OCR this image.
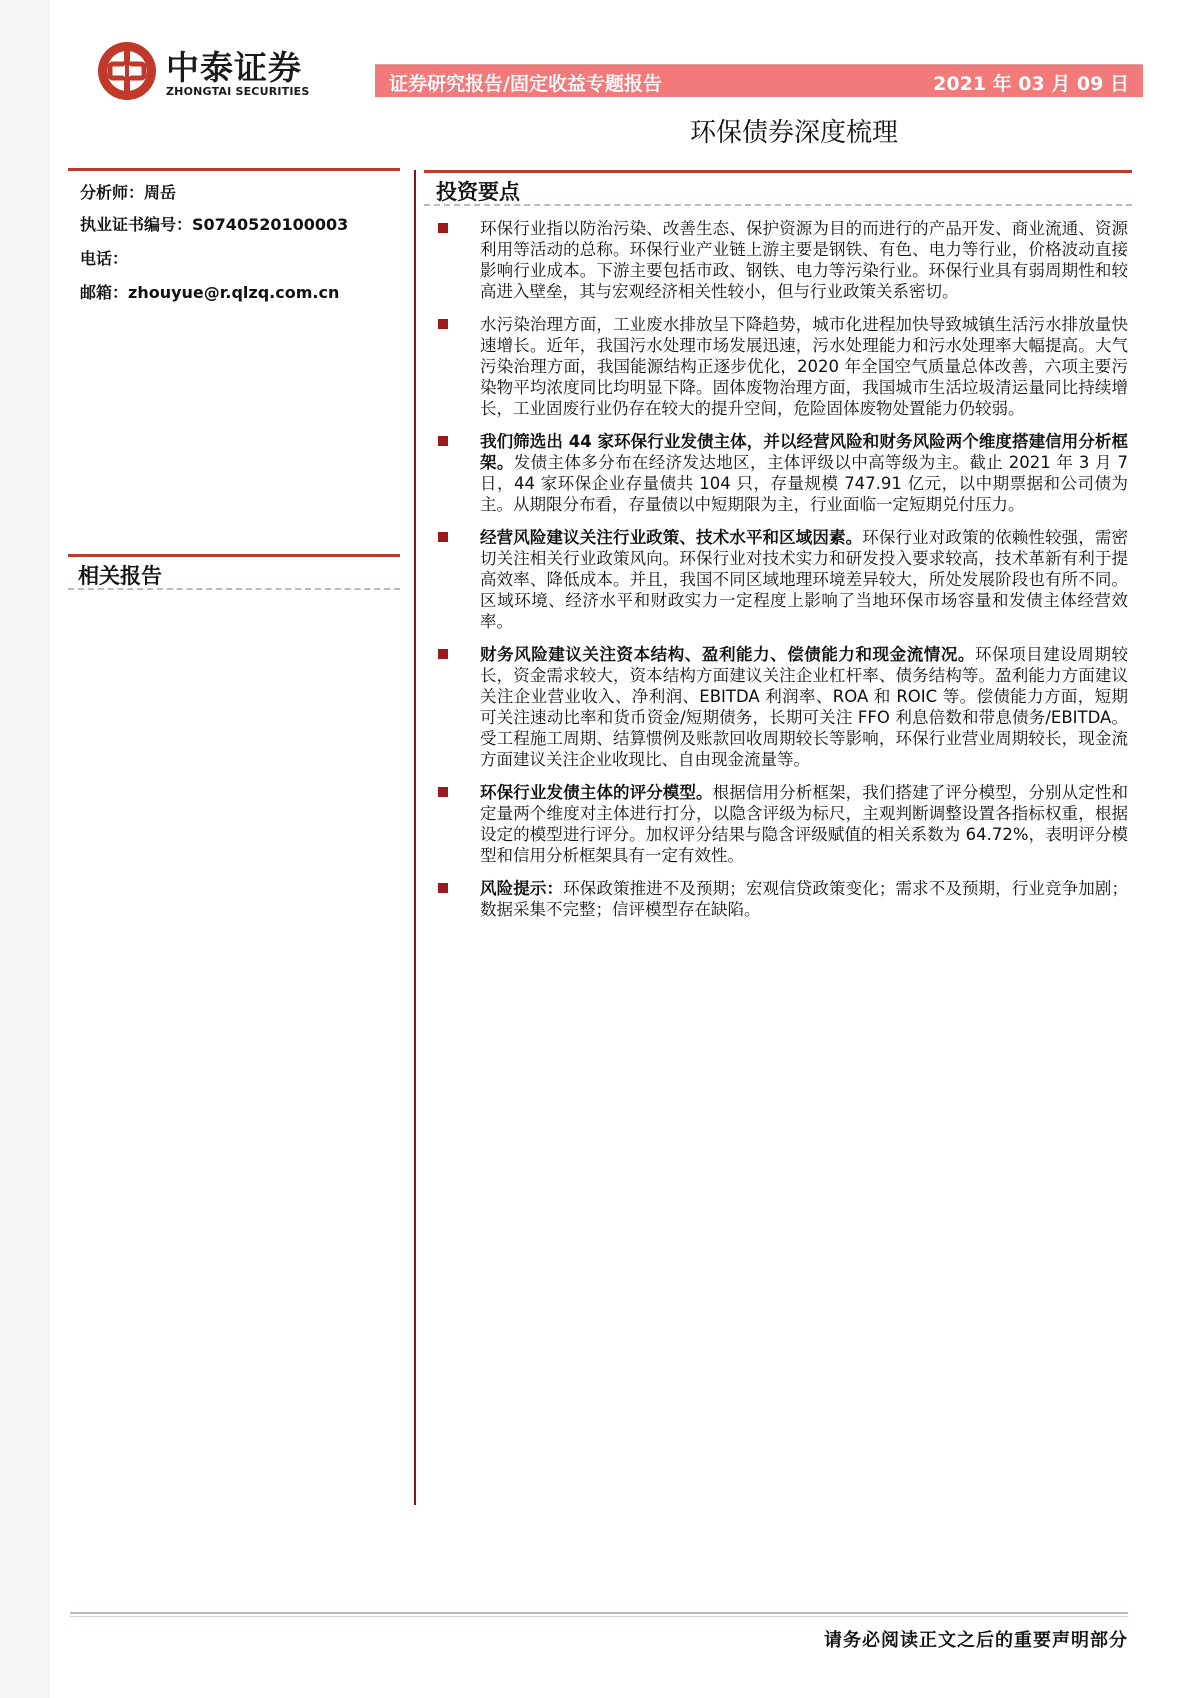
中泰证券
ZHONGTAI SECURITIES	证券研究报告/固定收益专题报告	2021 年 03 月 09 日
环保债券深度梳理
分析师：周岳
执业证书编号：S0740520100003
电话：
邮箱：zhouyue@r.qlzq.com.cn
相关报告
投资要点
环保行业指以防治污染、改善生态、保护资源为目的而进行的产品开发、商业流通、资源利用等活动的总称。环保行业产业链上游主要是钢铁、有色、电力等行业，价格波动直接影响行业成本。下游主要包括市政、钢铁、电力等污染行业。环保行业具有弱周期性和较高进入壁垒，其与宏观经济相关性较小，但与行业政策关系密切。
水污染治理方面，工业废水排放呈下降趋势，城市化进程加快导致城镇生活污水排放量快速增长。近年，我国污水处理市场发展迅速，污水处理能力和污水处理率大幅提高。大气污染治理方面，我国能源结构正逐步优化，2020 年全国空气质量总体改善，六项主要污染物平均浓度同比均明显下降。固体废物治理方面，我国城市生活垃圾清运量同比持续增长，工业固废行业仍存在较大的提升空间，危险固体废物处置能力仍较弱。
我们筛选出 44 家环保行业发债主体，并以经营风险和财务风险两个维度搭建信用分析框架。发债主体多分布在经济发达地区，主体评级以中高等级为主。截止 2021 年 3 月 7 日，44 家环保企业存量债共 104 只，存量规模 747.91 亿元，以中期票据和公司债为主。从期限分布看，存量债以中短期限为主，行业面临一定短期兑付压力。
经营风险建议关注行业政策、技术水平和区域因素。环保行业对政策的依赖性较强，需密切关注相关行业政策风向。环保行业对技术实力和研发投入要求较高，技术革新有利于提高效率、降低成本。并且，我国不同区域地理环境差异较大，所处发展阶段也有所不同。区域环境、经济水平和财政实力一定程度上影响了当地环保市场容量和发债主体经营效率。
财务风险建议关注资本结构、盈利能力、偿债能力和现金流情况。环保项目建设周期较长，资金需求较大，资本结构方面建议关注企业杠杆率、债务结构等。盈利能力方面建议关注企业营业收入、净利润、EBITDA 利润率、ROA 和 ROIC 等。偿债能力方面，短期可关注速动比率和货币资金/短期债务，长期可关注 FFO 利息倍数和带息债务/EBITDA。受工程施工周期、结算惯例及账款回收周期较长等影响，环保行业营业周期较长，现金流方面建议关注企业收现比、自由现金流量等。
环保行业发债主体的评分模型。根据信用分析框架，我们搭建了评分模型，分别从定性和定量两个维度对主体进行打分，以隐含评级为标尺，主观判断调整设置各指标权重，根据设定的模型进行评分。加权评分结果与隐含评级赋值的相关系数为 64.72%，表明评分模型和信用分析框架具有一定有效性。
风险提示：环保政策推进不及预期；宏观信贷政策变化；需求不及预期，行业竞争加剧；数据采集不完整；信评模型存在缺陷。
请务必阅读正文之后的重要声明部分
